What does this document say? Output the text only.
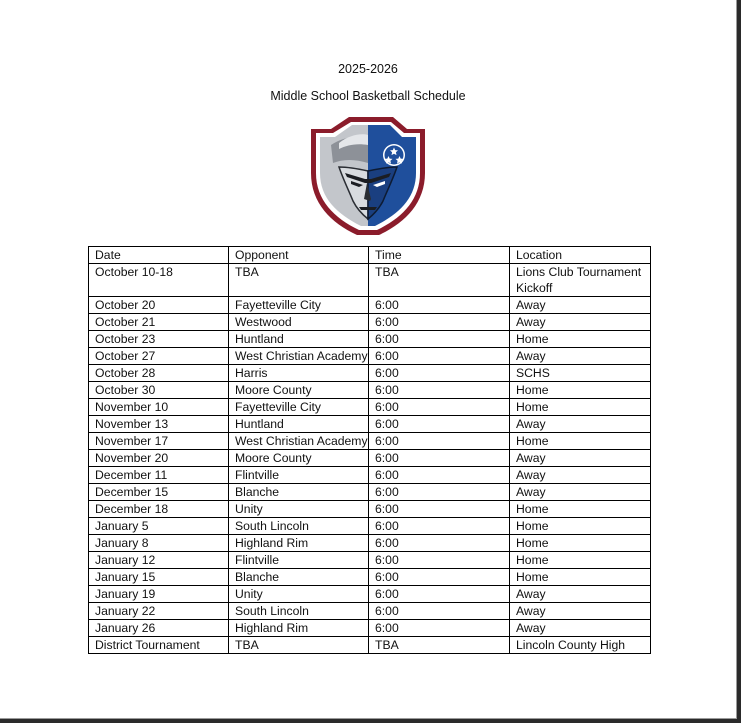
2025-2026
Middle School Basketball Schedule
Date	Opponent	Time	Location
October 10-18	TBA	TBA	Lions Club Tournament Kickoff
October 20	Fayetteville City	6:00	Away
October 21	Westwood	6:00	Away
October 23	Huntland	6:00	Home
October 27	West Christian Academy	6:00	Away
October 28	Harris	6:00	SCHS
October 30	Moore County	6:00	Home
November 10	Fayetteville City	6:00	Home
November 13	Huntland	6:00	Away
November 17	West Christian Academy	6:00	Home
November 20	Moore County	6:00	Away
December 11	Flintville	6:00	Away
December 15	Blanche	6:00	Away
December 18	Unity	6:00	Home
January 5	South Lincoln	6:00	Home
January 8	Highland Rim	6:00	Home
January 12	Flintville	6:00	Home
January 15	Blanche	6:00	Home
January 19	Unity	6:00	Away
January 22	South Lincoln	6:00	Away
January 26	Highland Rim	6:00	Away
District Tournament	TBA	TBA	Lincoln County High
